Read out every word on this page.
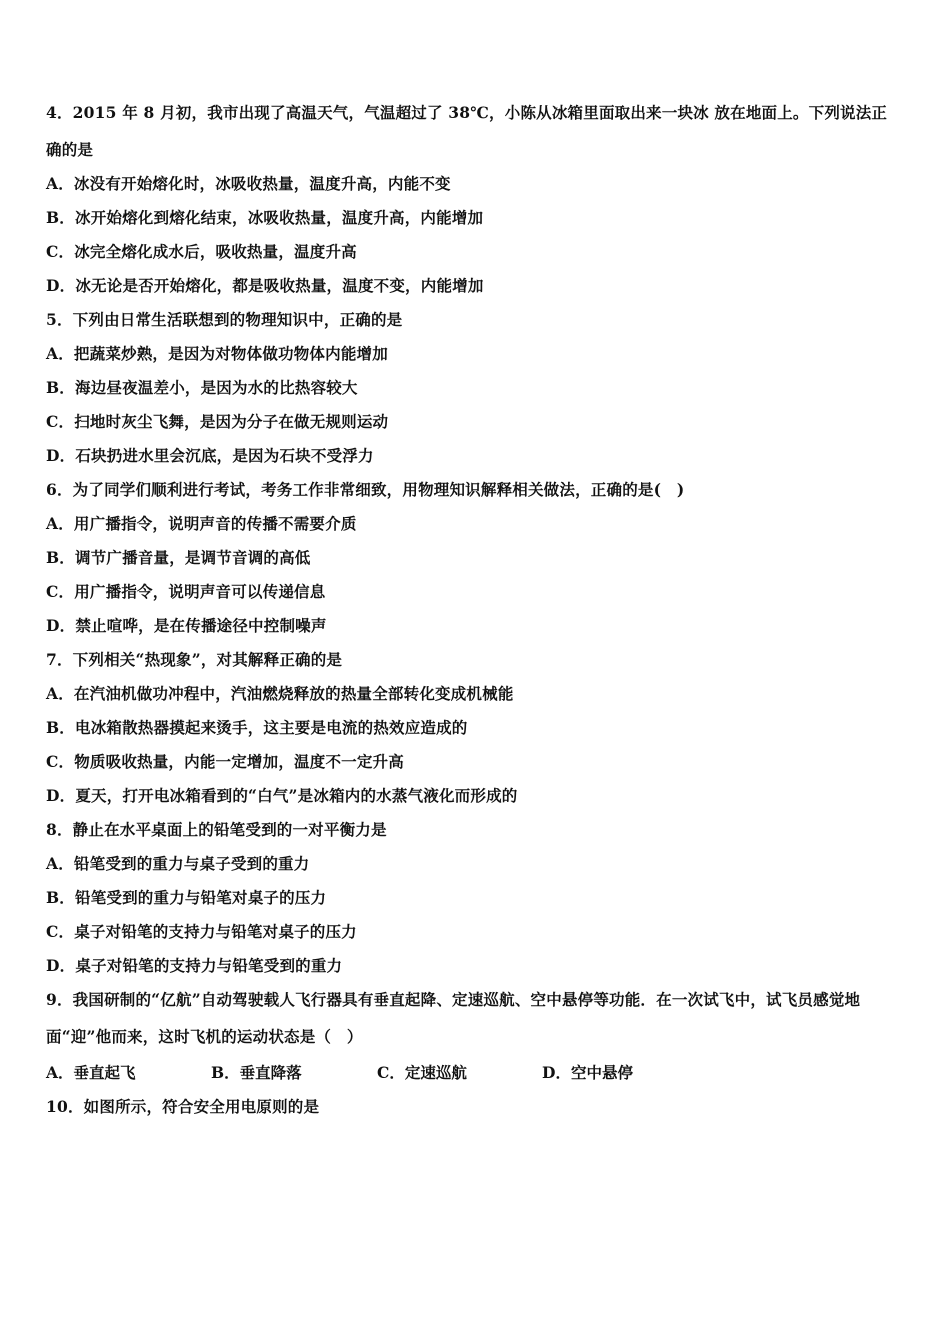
4．2015 年 8 月初，我市出现了高温天气，气温超过了 38℃，小陈从冰箱里面取出来一块冰 放在地面上。下列说法正
确的是
A．冰没有开始熔化时，冰吸收热量，温度升高，内能不变
B．冰开始熔化到熔化结束，冰吸收热量，温度升高，内能增加
C．冰完全熔化成水后，吸收热量，温度升高
D．冰无论是否开始熔化，都是吸收热量，温度不变，内能增加
5．下列由日常生活联想到的物理知识中，正确的是
A．把蔬菜炒熟，是因为对物体做功物体内能增加
B．海边昼夜温差小，是因为水的比热容较大
C．扫地时灰尘飞舞，是因为分子在做无规则运动
D．石块扔进水里会沉底，是因为石块不受浮力
6．为了同学们顺利进行考试，考务工作非常细致，用物理知识解释相关做法，正确的是(　)
A．用广播指令，说明声音的传播不需要介质
B．调节广播音量，是调节音调的高低
C．用广播指令，说明声音可以传递信息
D．禁止喧哗，是在传播途径中控制噪声
7．下列相关“热现象”，对其解释正确的是
A．在汽油机做功冲程中，汽油燃烧释放的热量全部转化变成机械能
B．电冰箱散热器摸起来烫手，这主要是电流的热效应造成的
C．物质吸收热量，内能一定增加，温度不一定升高
D．夏天，打开电冰箱看到的“白气”是冰箱内的水蒸气液化而形成的
8．静止在水平桌面上的铅笔受到的一对平衡力是
A．铅笔受到的重力与桌子受到的重力
B．铅笔受到的重力与铅笔对桌子的压力
C．桌子对铅笔的支持力与铅笔对桌子的压力
D．桌子对铅笔的支持力与铅笔受到的重力
9．我国研制的“亿航”自动驾驶载人飞行器具有垂直起降、定速巡航、空中悬停等功能．在一次试飞中，试飞员感觉地
面“迎”他而来，这时飞机的运动状态是（　）
A．垂直起飞	B．垂直降落	C．定速巡航	D．空中悬停
10．如图所示，符合安全用电原则的是
